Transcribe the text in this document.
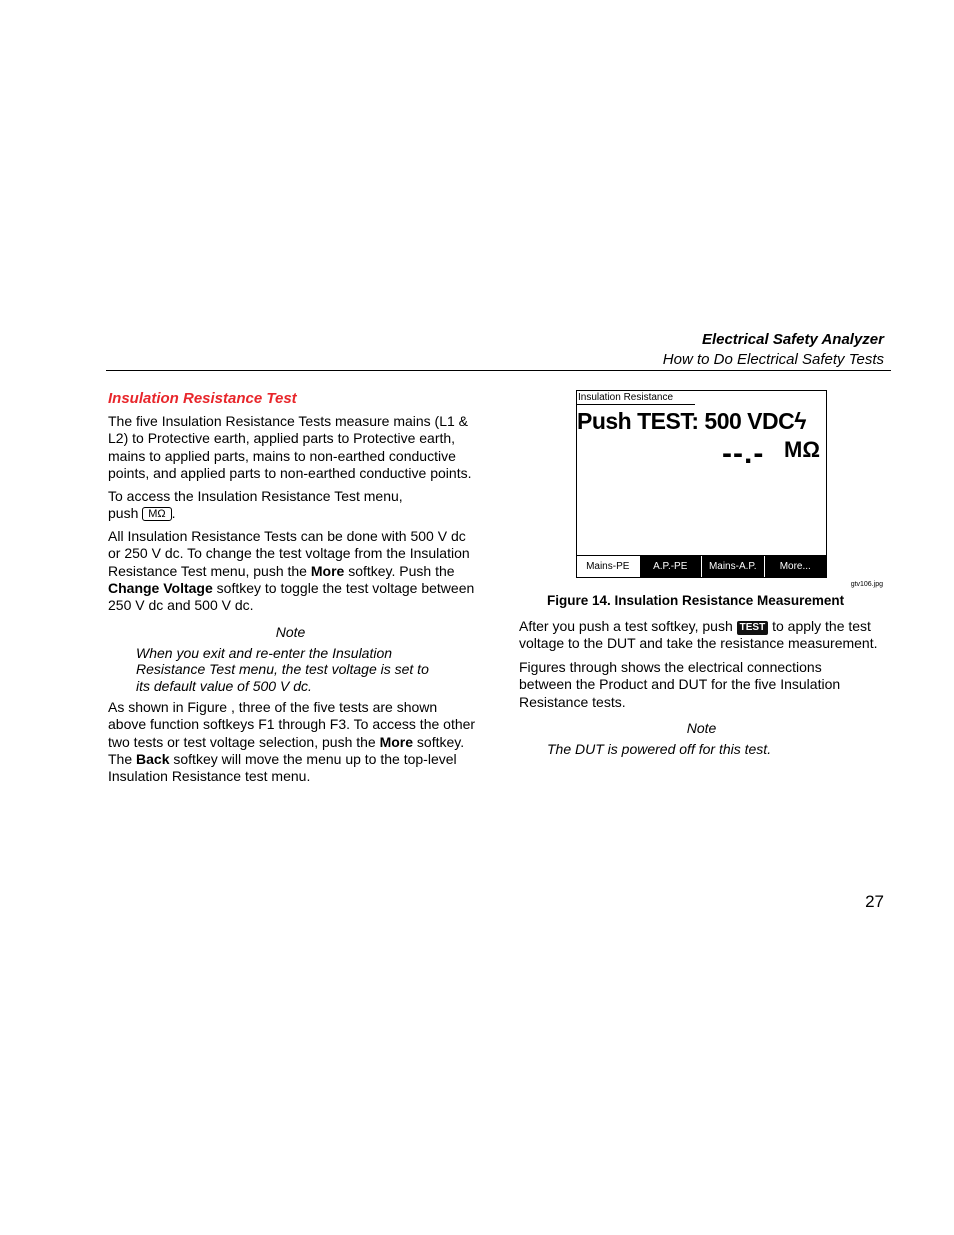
Electrical Safety Analyzer
How to Do Electrical Safety Tests
Insulation Resistance Test

The five Insulation Resistance Tests measure mains (L1 & L2) to Protective earth, applied parts to Protective earth, mains to applied parts, mains to non-earthed conductive points, and applied parts to non-earthed conductive points.

To access the Insulation Resistance Test menu,
push MΩ .

All Insulation Resistance Tests can be done with 500 V dc or 250 V dc. To change the test voltage from the Insulation Resistance Test menu, push the More softkey. Push the Change Voltage softkey to toggle the test voltage between 250 V dc and 500 V dc.

Note
When you exit and re-enter the Insulation Resistance Test menu, the test voltage is set to its default value of 500 V dc.

As shown in Figure , three of the five tests are shown above function softkeys F1 through F3. To access the other two tests or test voltage selection, push the More softkey. The Back softkey will move the menu up to the top-level Insulation Resistance test menu.

Insulation Resistance
Push TEST: 500 VDCϟ
--.- MΩ
Mains-PE	A.P.-PE	Mains-A.P.	More...
gtv106.jpg
Figure 14. Insulation Resistance Measurement

After you push a test softkey, push TEST to apply the test voltage to the DUT and take the resistance measurement.

Figures through shows the electrical connections between the Product and DUT for the five Insulation Resistance tests.

Note
The DUT is powered off for this test.
27
